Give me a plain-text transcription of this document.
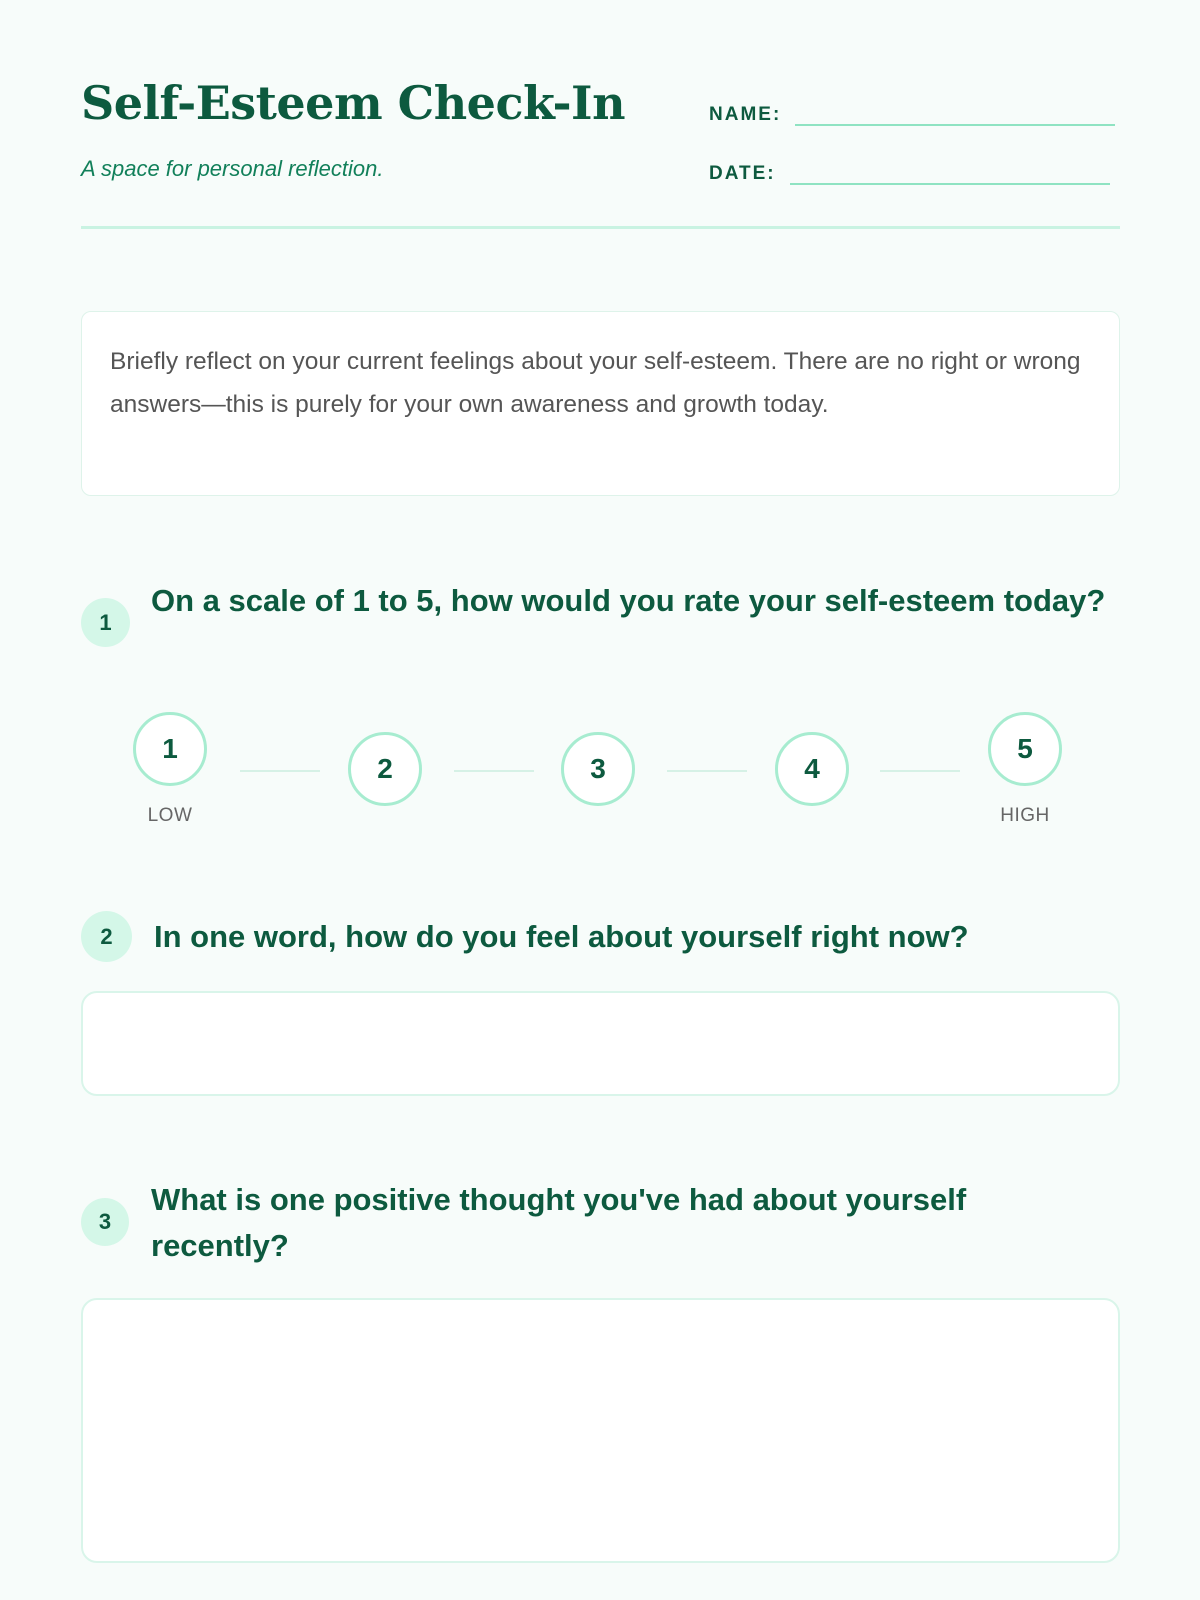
Self-Esteem Check-In

A space for personal reflection.

NAME:
DATE:
Briefly reflect on your current feelings about your self-esteem. There are no right or wrong answers—this is purely for your own awareness and growth today.
1

On a scale of 1 to 5, how would you rate your self-esteem today?

1
2	3	4
5
LOW	HIGH
2	In one word, how do you feel about yourself right now?

3

What is one positive thought you've had about yourself recently?
